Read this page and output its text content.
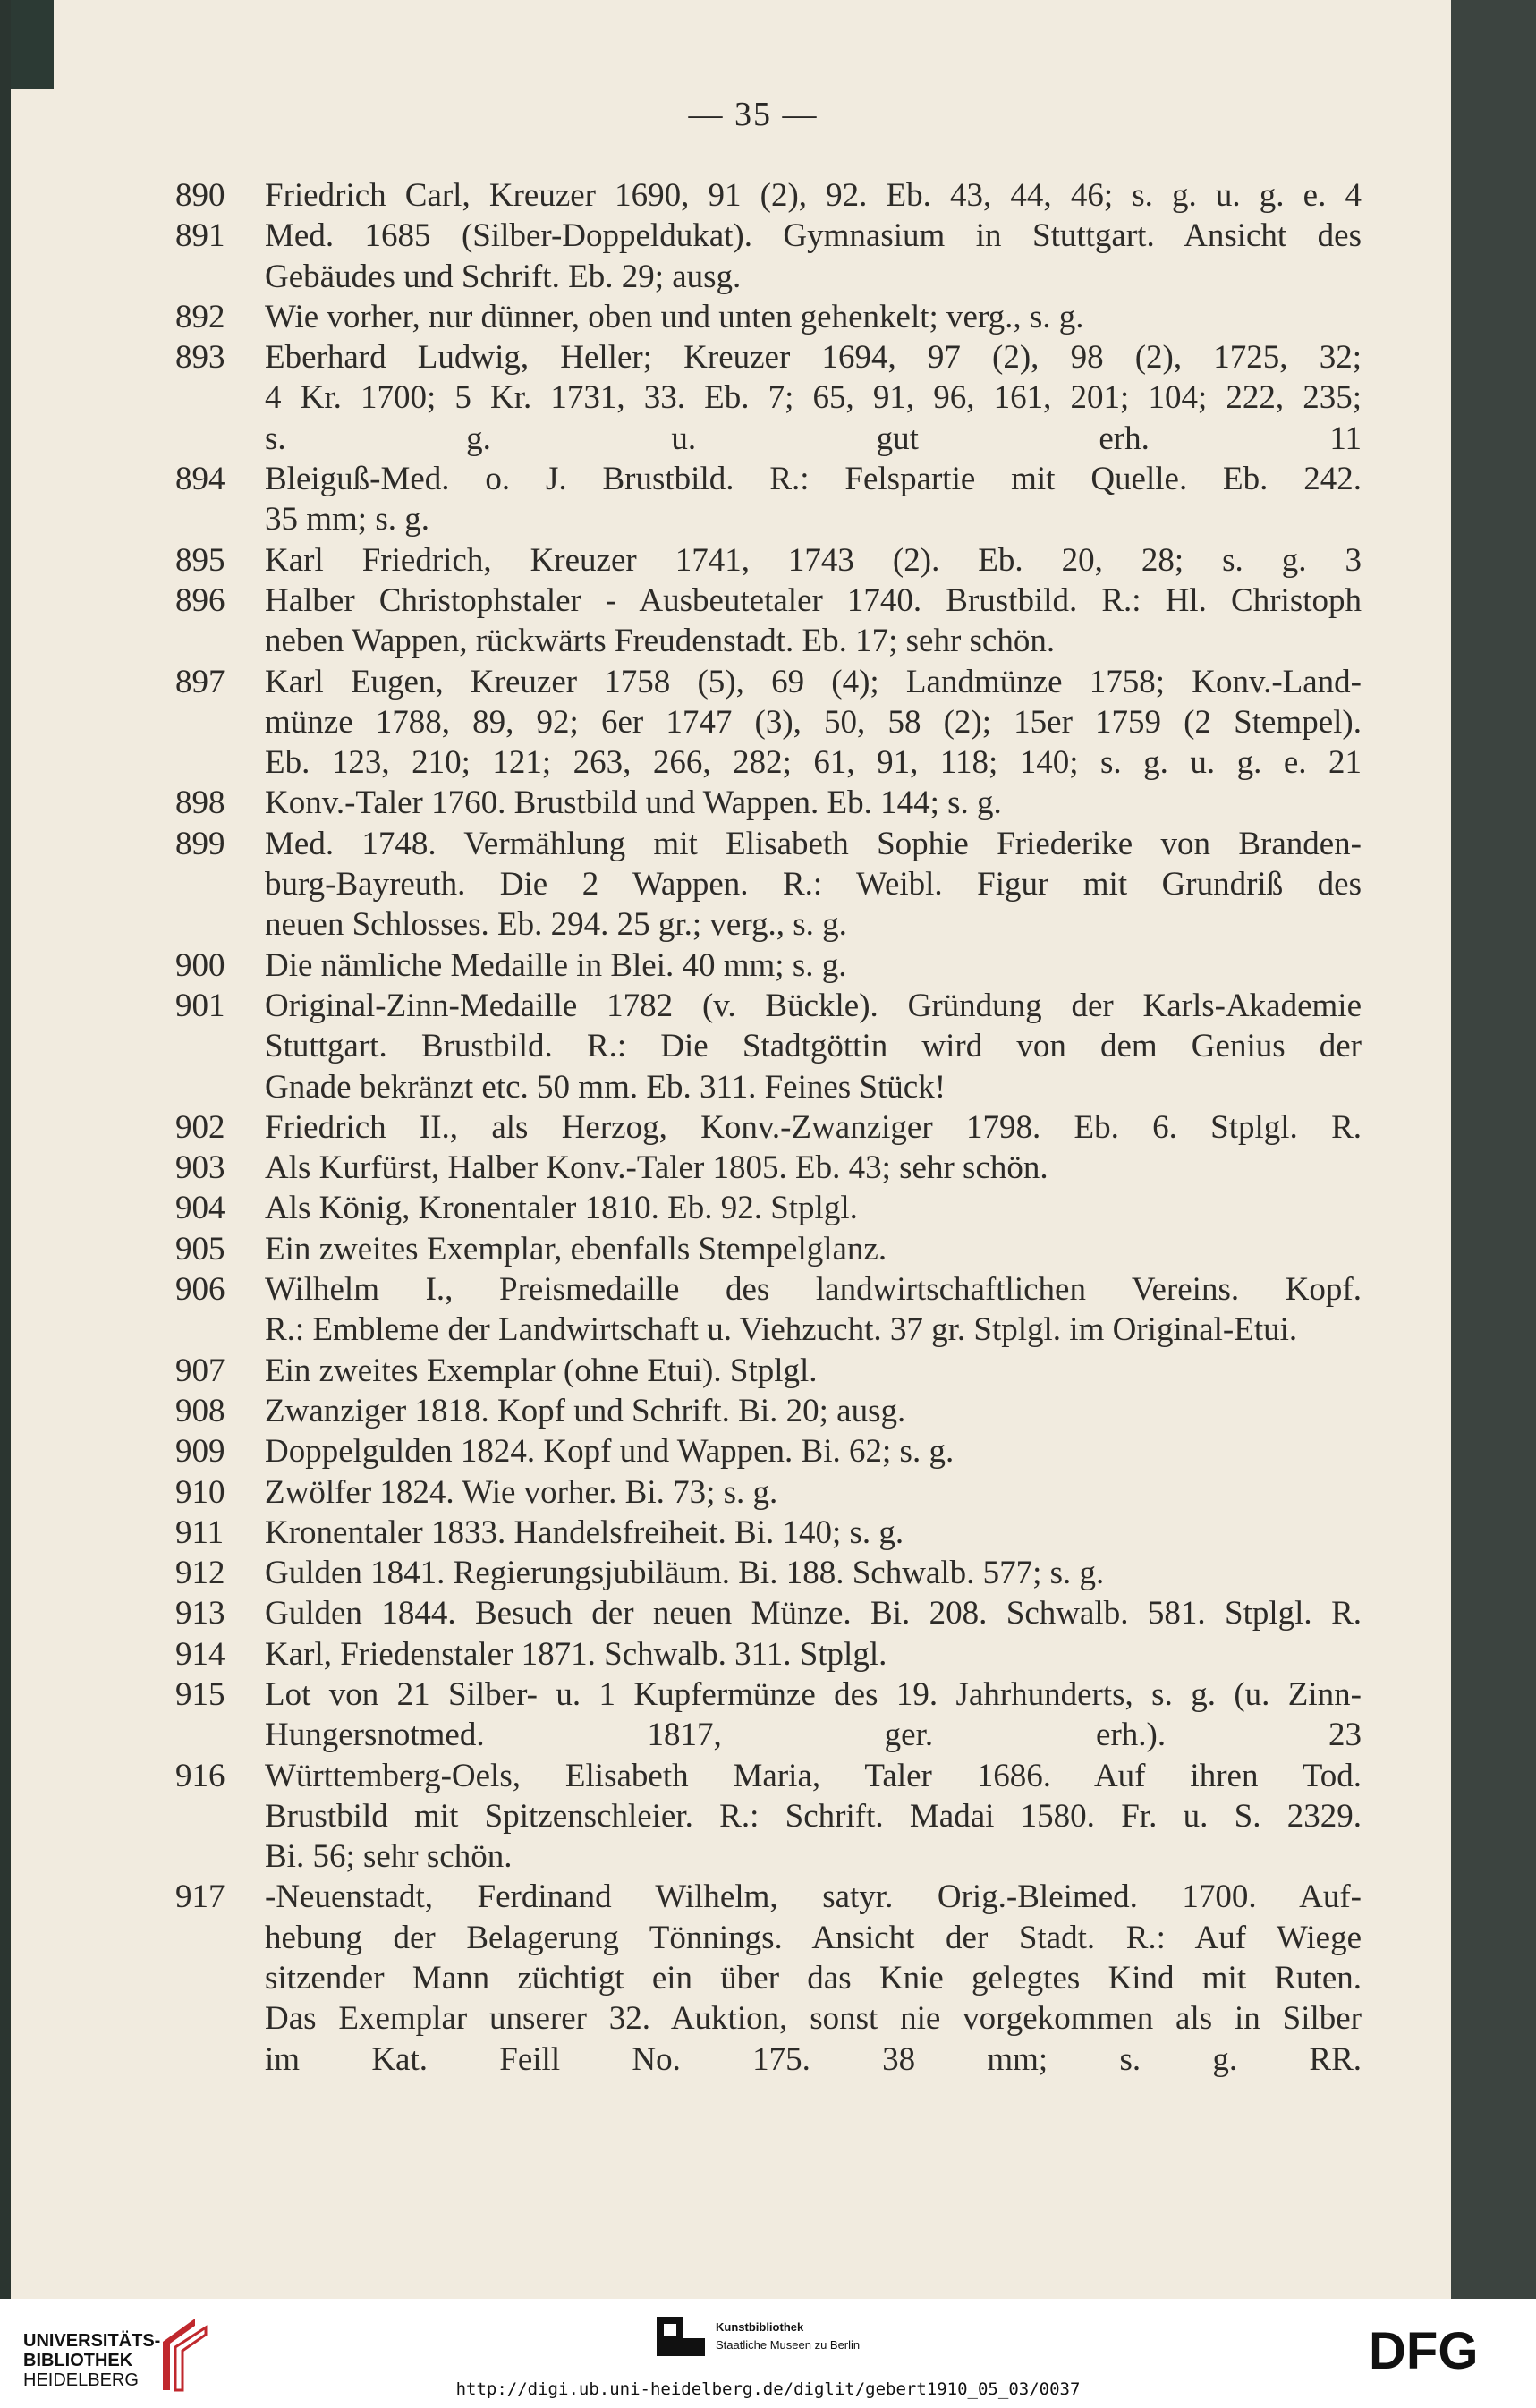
— 35 —
890	Friedrich Carl, Kreuzer 1690, 91 (2), 92. Eb. 43, 44, 46; s. g. u. g. e. 4
891	Med. 1685 (Silber-Doppeldukat). Gymnasium in Stuttgart. Ansicht des
Gebäudes und Schrift. Eb. 29; ausg.
892	Wie vorher, nur dünner, oben und unten gehenkelt; verg., s. g.
893	Eberhard Ludwig, Heller; Kreuzer 1694, 97 (2), 98 (2), 1725, 32;
4 Kr. 1700; 5 Kr. 1731, 33. Eb. 7; 65, 91, 96, 161, 201; 104; 222, 235;
s. g. u. gut erh. 11
894	Bleiguß-Med. o. J. Brustbild. R.: Felspartie mit Quelle. Eb. 242.
35 mm; s. g.
895	Karl Friedrich, Kreuzer 1741, 1743 (2). Eb. 20, 28; s. g. 3
896	Halber Christophstaler - Ausbeutetaler 1740. Brustbild. R.: Hl. Christoph
neben Wappen, rückwärts Freudenstadt. Eb. 17; sehr schön.
897	Karl Eugen, Kreuzer 1758 (5), 69 (4); Landmünze 1758; Konv.-Land-
münze 1788, 89, 92; 6er 1747 (3), 50, 58 (2); 15er 1759 (2 Stempel).
Eb. 123, 210; 121; 263, 266, 282; 61, 91, 118; 140; s. g. u. g. e. 21
898	Konv.-Taler 1760. Brustbild und Wappen. Eb. 144; s. g.
899	Med. 1748. Vermählung mit Elisabeth Sophie Friederike von Branden-
burg-Bayreuth. Die 2 Wappen. R.: Weibl. Figur mit Grundriß des
neuen Schlosses. Eb. 294. 25 gr.; verg., s. g.
900	Die nämliche Medaille in Blei. 40 mm; s. g.
901	Original-Zinn-Medaille 1782 (v. Bückle). Gründung der Karls-Akademie
Stuttgart. Brustbild. R.: Die Stadtgöttin wird von dem Genius der
Gnade bekränzt etc. 50 mm. Eb. 311. Feines Stück!
902	Friedrich II., als Herzog, Konv.-Zwanziger 1798. Eb. 6. Stplgl. R.
903	Als Kurfürst, Halber Konv.-Taler 1805. Eb. 43; sehr schön.
904	Als König, Kronentaler 1810. Eb. 92. Stplgl.
905	Ein zweites Exemplar, ebenfalls Stempelglanz.
906	Wilhelm I., Preismedaille des landwirtschaftlichen Vereins. Kopf.
R.: Embleme der Landwirtschaft u. Viehzucht. 37 gr. Stplgl. im Original-Etui.
907	Ein zweites Exemplar (ohne Etui). Stplgl.
908	Zwanziger 1818. Kopf und Schrift. Bi. 20; ausg.
909	Doppelgulden 1824. Kopf und Wappen. Bi. 62; s. g.
910	Zwölfer 1824. Wie vorher. Bi. 73; s. g.
911	Kronentaler 1833. Handelsfreiheit. Bi. 140; s. g.
912	Gulden 1841. Regierungsjubiläum. Bi. 188. Schwalb. 577; s. g.
913	Gulden 1844. Besuch der neuen Münze. Bi. 208. Schwalb. 581. Stplgl. R.
914	Karl, Friedenstaler 1871. Schwalb. 311. Stplgl.
915	Lot von 21 Silber- u. 1 Kupfermünze des 19. Jahrhunderts, s. g. (u. Zinn-
Hungersnotmed. 1817, ger. erh.). 23
916	Württemberg-Oels, Elisabeth Maria, Taler 1686. Auf ihren Tod.
Brustbild mit Spitzenschleier. R.: Schrift. Madai 1580. Fr. u. S. 2329.
Bi. 56; sehr schön.
917	-Neuenstadt, Ferdinand Wilhelm, satyr. Orig.-Bleimed. 1700. Auf-
hebung der Belagerung Tönnings. Ansicht der Stadt. R.: Auf Wiege
sitzender Mann züchtigt ein über das Knie gelegtes Kind mit Ruten.
Das Exemplar unserer 32. Auktion, sonst nie vorgekommen als in Silber
im Kat. Feill No. 175. 38 mm; s. g. RR.
UNIVERSITÄTS-
BIBLIOTHEK
HEIDELBERG
Kunstbibliothek
Staatliche Museen zu Berlin	DFG
http://digi.ub.uni-heidelberg.de/diglit/gebert1910_05_03/0037
